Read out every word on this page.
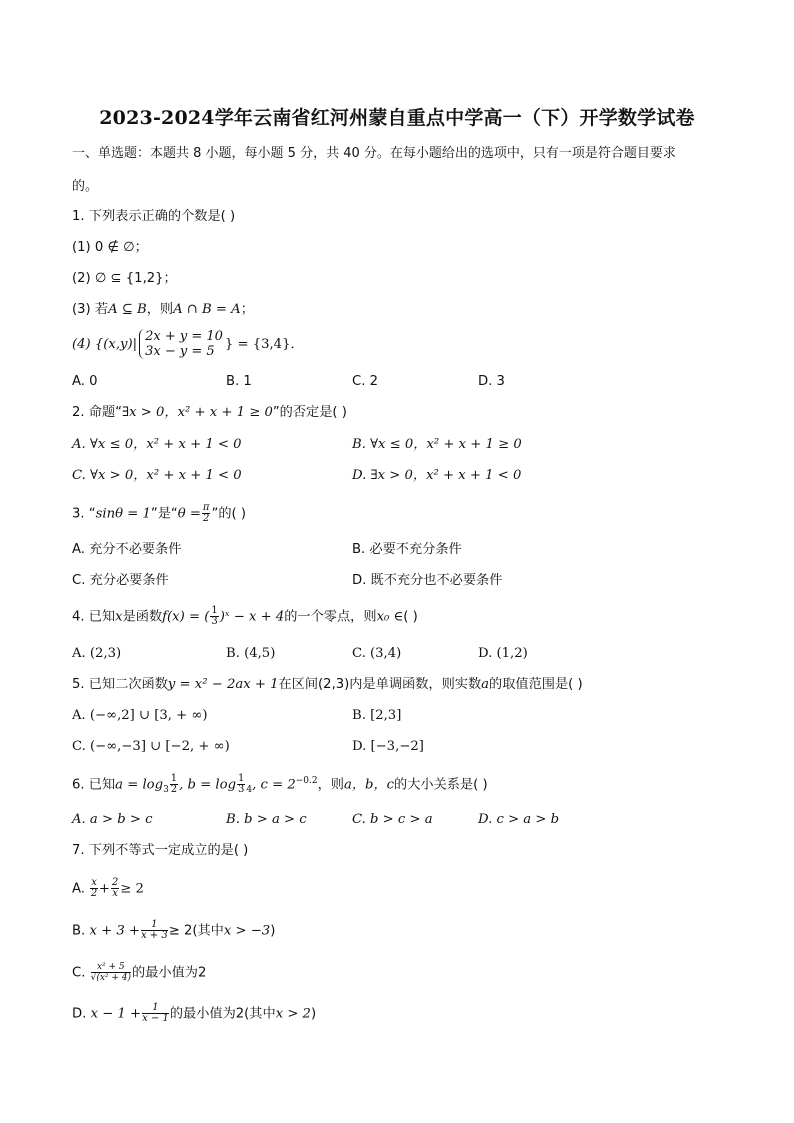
2023-2024学年云南省红河州蒙自重点中学高一（下）开学数学试卷
一、单选题：本题共 8 小题，每小题 5 分，共 40 分。在每小题给出的选项中，只有一项是符合题目要求
的。
1. 下列表示正确的个数是( )
(1) 0 ∉ ∅；
(2) ∅ ⊆ {1,2}；
(3) 若A ⊆ B，则A ∩ B = A；
(4) {(x,y)|
2x + y = 10
3x − y = 5 } = {3,4}．
A. 0	B. 1	C. 2	D. 3
2. 命题“∃x > 0，x² + x + 1 ≥ 0”的否定是( )
A. ∀x ≤ 0，x² + x + 1 < 0	B. ∀x ≤ 0，x² + x + 1 ≥ 0
C. ∀x > 0，x² + x + 1 < 0	D. ∃x > 0，x² + x + 1 < 0
3. “sinθ = 1”是“$\theta = \frac{\pi}{2}$ ”的( )
A. 充分不必要条件	B. 必要不充分条件
C. 充分必要条件	D. 既不充分也不必要条件
4. 已知x是函数f(x) = ( $\frac{1}{3}$ )ˣ − x + 4的一个零点，则x₀ ∈( )
A. (2,3)	B. (4,5)	C. (3,4)	D. (1,2)
5. 已知二次函数y = x² − 2ax + 1在区间(2,3)内是单调函数，则实数a的取值范围是( )
A. (−∞,2] ∪ [3, + ∞)	B. [2,3]
C. (−∞,−3] ∪ [−2, + ∞)	D. [−3,−2]
6. 已知$a = \log_3 \frac{1}{2}$ , $b = \log \frac{1}{3} _4$, $c = 2^{-0.2}$，则a，b，c的大小关系是( )
A. a > b > c	B. b > a > c	C. b > c > a	D. c > a > b
7. 下列不等式一定成立的是( )
A. $\frac{x}{2} + \frac{2}{x} \ge 2$
B. $x + 3 + \frac{1}{x + 3} \ge 2$(其中x > −3)
C. $\frac{\text{x² + 5}}{\text{√(x² + 4)}}$ 的最小值为2
D. $x - 1 + \frac{1}{x - 1}$ 的最小值为2(其中x > 2)
